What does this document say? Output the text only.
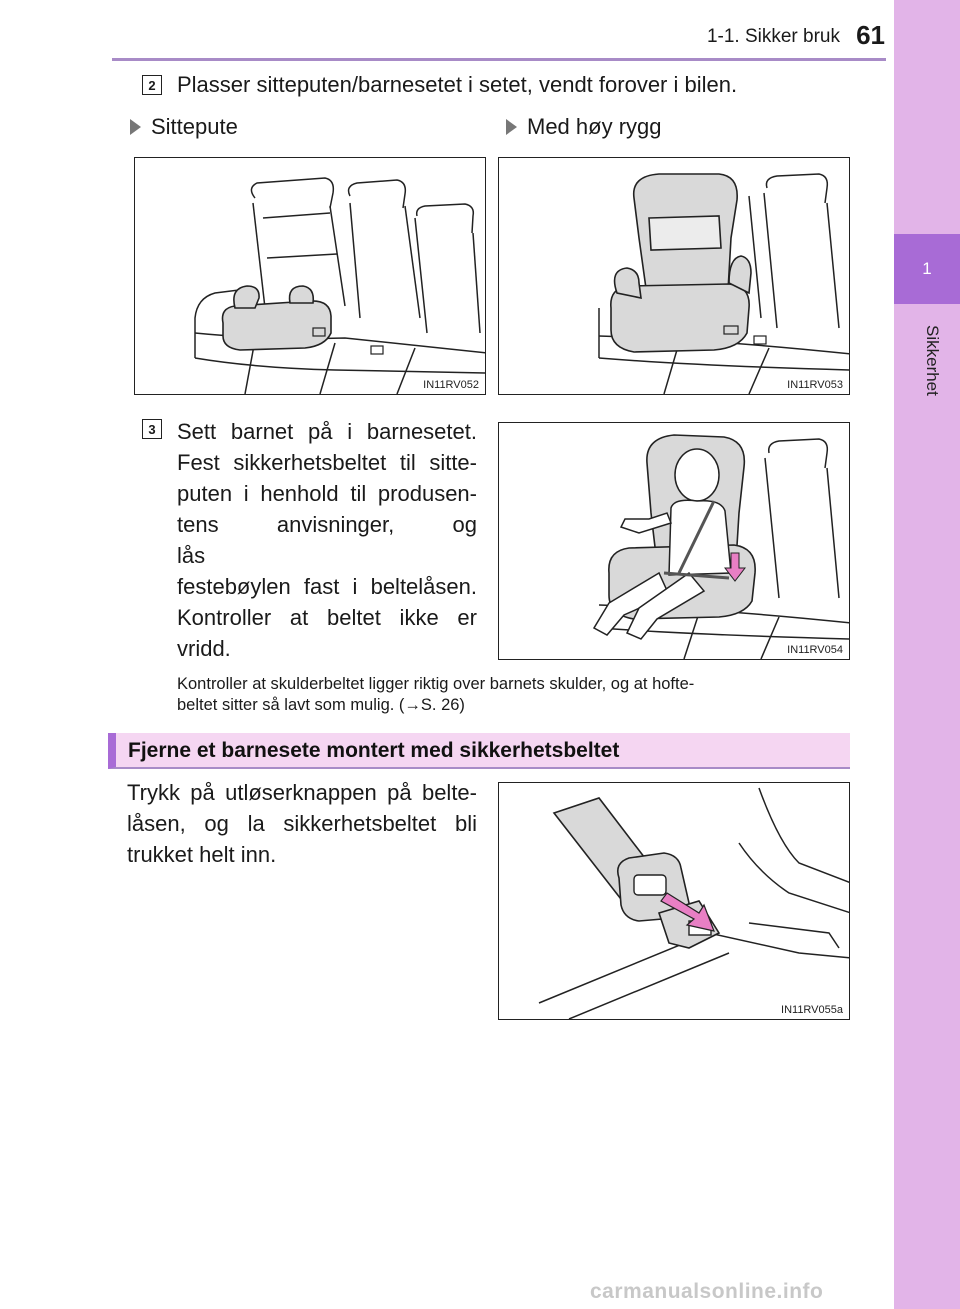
1-1. Sikker bruk 61
1
Sikkerhet
2 Plasser sitteputen/barnesetet i setet, vendt forover i bilen.
Sittepute	Med høy rygg
IN11RV052	IN11RV053
3 Sett barnet på i barnesetet.
Fest sikkerhetsbeltet til sitte-
puten i henhold til produsen-
tens anvisninger, og lås
festebøylen fast i beltelåsen.
Kontroller at beltet ikke er
vridd.	IN11RV054
Kontroller at skulderbeltet ligger riktig over barnets skulder, og at hofte-
beltet sitter så lavt som mulig. (→S. 26)
Fjerne et barnesete montert med sikkerhetsbeltet
Trykk på utløserknappen på belte-
låsen, og la sikkerhetsbeltet bli
trukket helt inn.
IN11RV055a
carmanualsonline.info
